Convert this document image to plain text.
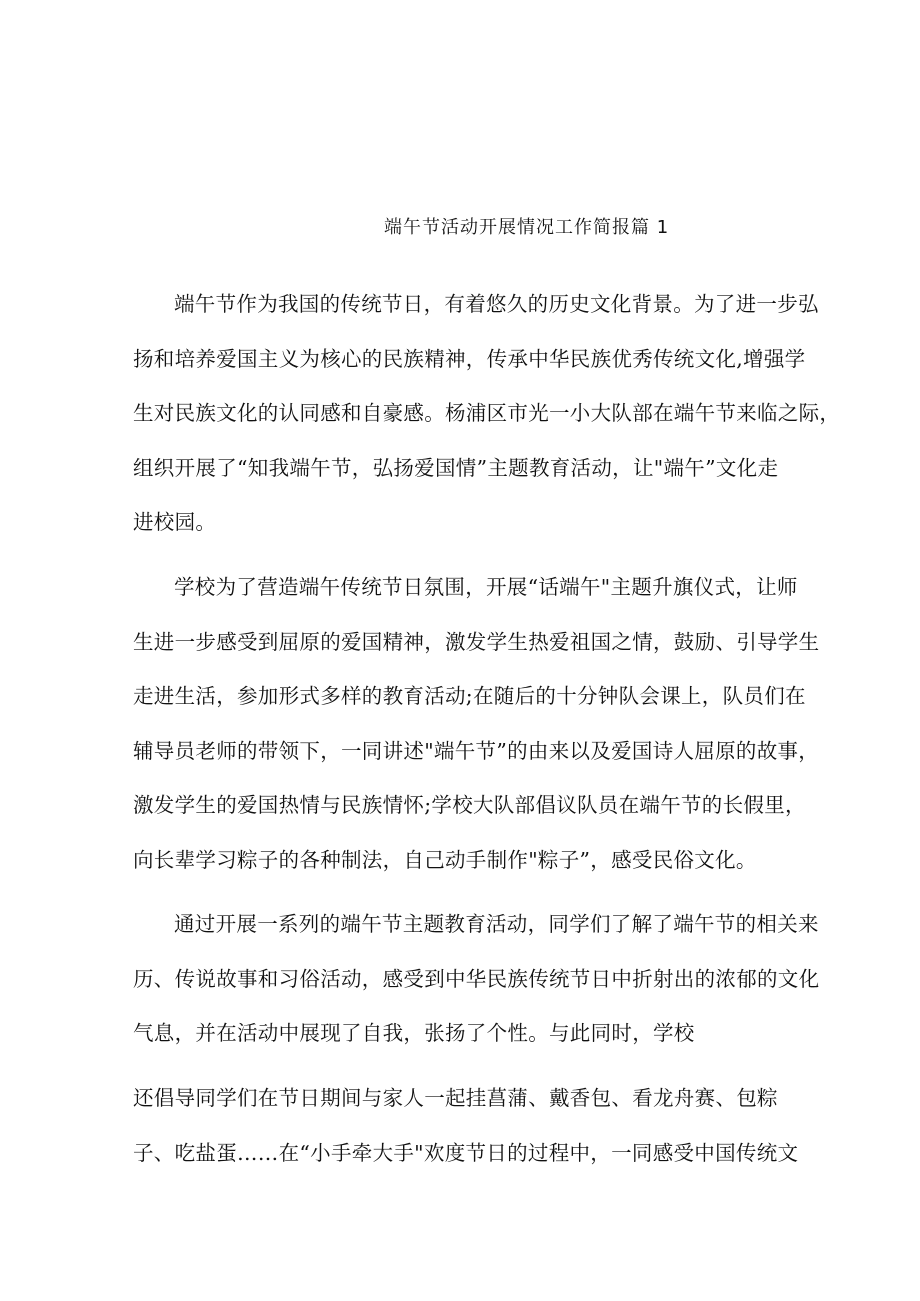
端午节活动开展情况工作简报篇 1
端午节作为我国的传统节日，有着悠久的历史文化背景。为了进一步弘
扬和培养爱国主义为核心的民族精神，传承中华民族优秀传统文化,增强学
生对民族文化的认同感和自豪感。杨浦区市光一小大队部在端午节来临之际，
组织开展了“知我端午节，弘扬爱国情”主题教育活动，让"端午”文化走
进校园。
学校为了营造端午传统节日氛围，开展“话端午"主题升旗仪式，让师
生进一步感受到屈原的爱国精神，激发学生热爱祖国之情，鼓励、引导学生
走进生活，参加形式多样的教育活动;在随后的十分钟队会课上，队员们在
辅导员老师的带领下，一同讲述"端午节”的由来以及爱国诗人屈原的故事，
激发学生的爱国热情与民族情怀;学校大队部倡议队员在端午节的长假里，
向长辈学习粽子的各种制法，自己动手制作"粽子”，感受民俗文化。
通过开展一系列的端午节主题教育活动，同学们了解了端午节的相关来
历、传说故事和习俗活动，感受到中华民族传统节日中折射出的浓郁的文化
气息，并在活动中展现了自我，张扬了个性。与此同时，学校
还倡导同学们在节日期间与家人一起挂菖蒲、戴香包、看龙舟赛、包粽
子、吃盐蛋……在“小手牵大手"欢度节日的过程中，一同感受中国传统文
